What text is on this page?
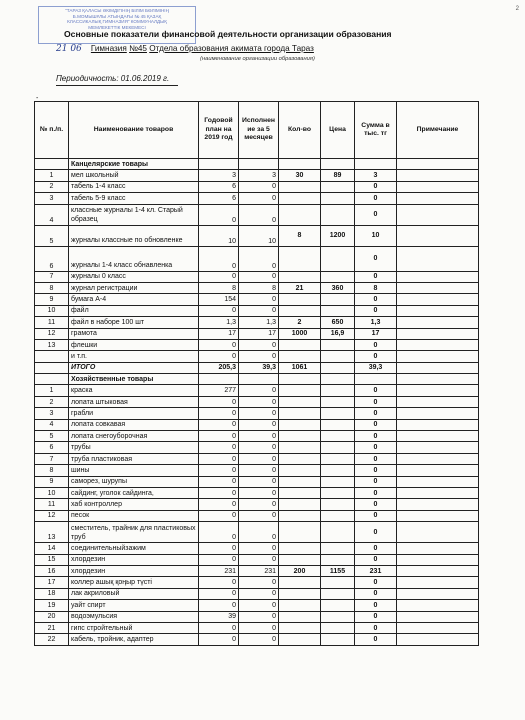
"ТАРАЗ ҚАЛАСЫ ӘКІМДІГІНІҢ БІЛІМ БӨЛІМІНІҢ
Б.МОМЫШҰЛЫ АТЫНДАҒЫ № 45 ҚАЗАҚ
КЛАССИКАЛЫҚ ГИМНАЗИЯ" КОММУНАЛДЫҚ
МЕМЛЕКЕТТІК МЕКЕМЕСІ
2
Основные показатели финансовой деятельности организации образования
21 06 Гимназия №45 Отдела образования акимата города Тараз
(наименование организации образования)
Периодичность: 01.06.2019 г.
-
№ п./п.	Наименование товаров	Годовой план на 2019 год	Исполнен ие за 5 месяцев	Кол-во	Цена	Сумма в тыс. тг	Примечание
	Канцелярские товары						
1	мел школьный	3	3	30	89	3	
2	табель 1-4 класс	6	0			0	
3	табель 5-9 класс	6	0			0	
4	классные журналы 1-4 кл. Старый образец	0	0			0	
5	журналы классные по обновленке	10	10	8	1200	10	
6	журналы 1-4 класс обнавленка	0	0			0	
7	журналы 0 класс	0	0			0	
8	журнал регистрации	8	8	21	360	8	
9	бумага А-4	154	0			0	
10	файл	0	0			0	
11	файл в наборе 100 шт	1,3	1,3	2	650	1,3	
12	грамота	17	17	1000	16,9	17	
13	флешки	0	0			0	
	и т.п.	0	0			0	
	ИТОГО	205,3	39,3	1061		39,3	
	Хозяйственные товары						
1	краска	277	0			0	
2	лопата штыковая	0	0			0	
3	грабли	0	0			0	
4	лопата совкавая	0	0			0	
5	лопата снегоуборочная	0	0			0	
6	трубы	0	0			0	
7	труба пластиковая	0	0			0	
8	шины	0	0			0	
9	саморез, шурупы	0	0			0	
10	сайдинг, уголок сайдинга,	0	0			0	
11	хаб контроллер	0	0			0	
12	песок	0	0			0	
13	сместитель, трайник для пластиковых труб	0	0			0	
14	соединительныйзажим	0	0			0	
15	хлордезин	0	0			0	
16	хлордезин	231	231	200	1155	231	
17	коллер ашық қоңыр түсті	0	0			0	
18	лак акриловый	0	0			0	
19	уайт спирт	0	0			0	
20	водоэмульсия	39	0			0	
21	гипс стройтельный	0	0			0	
22	кабель, тройник, адаптер	0	0			0	
